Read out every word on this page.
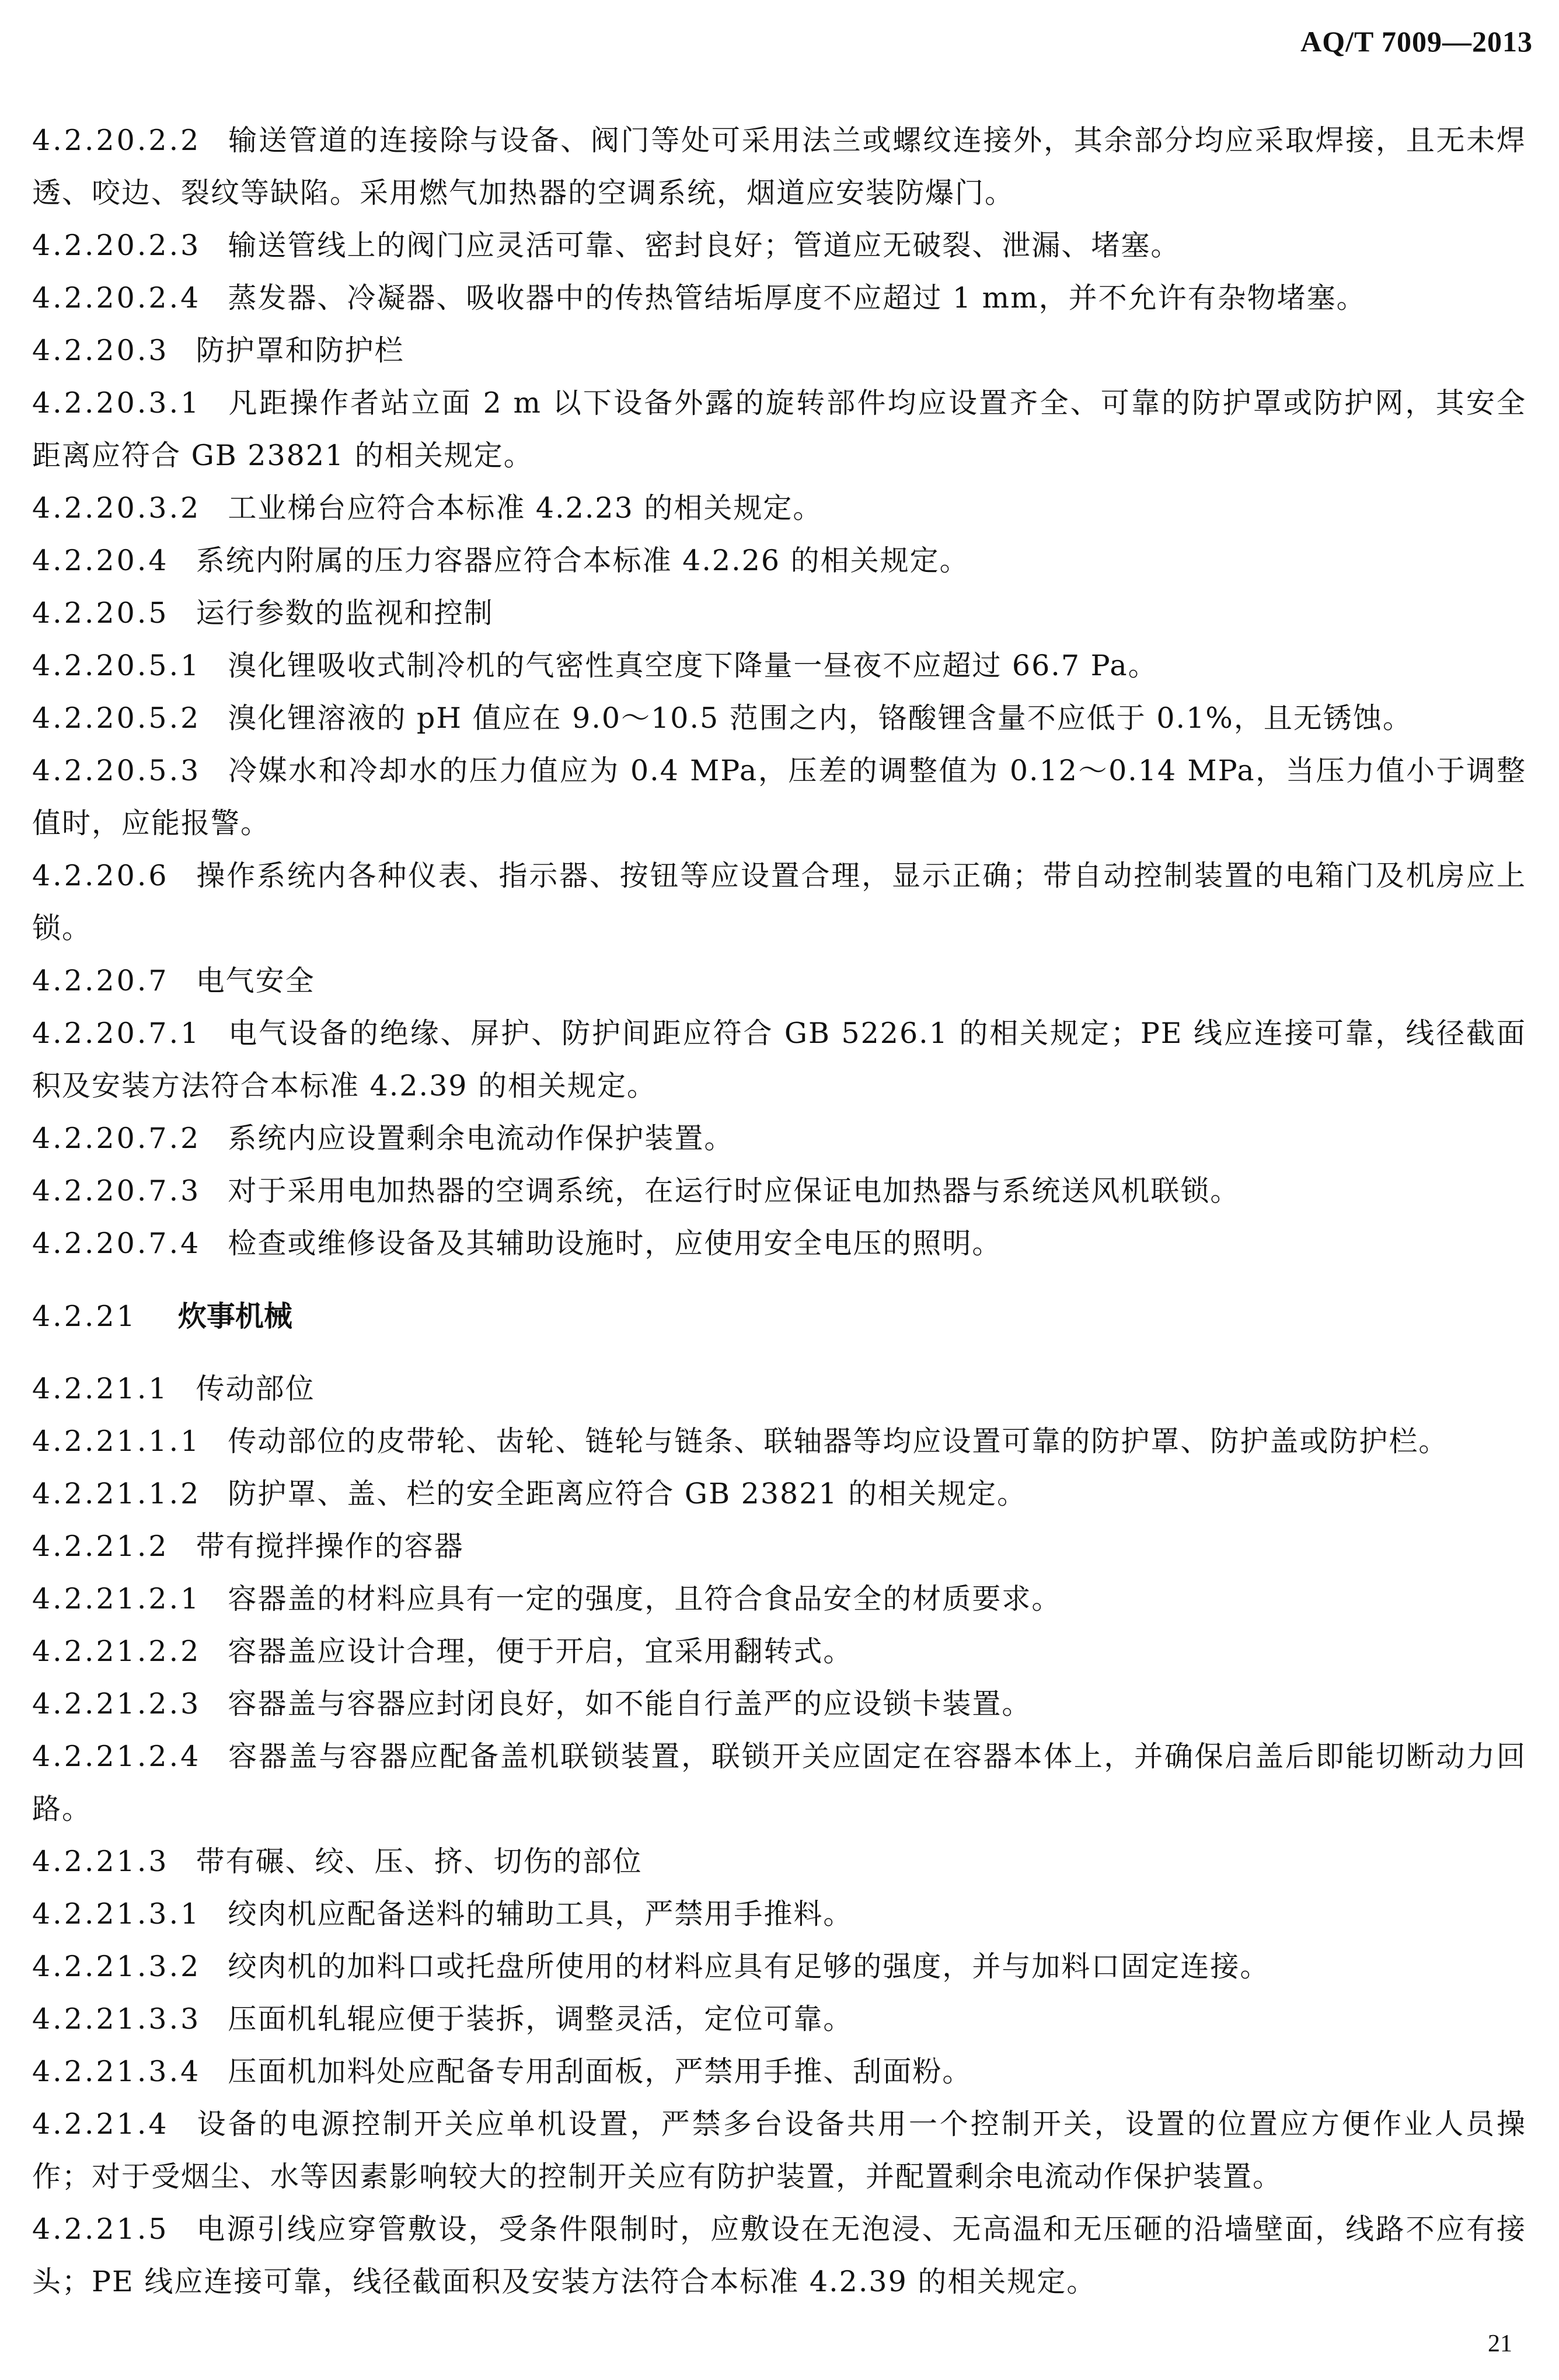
AQ/T 7009—2013

4.2.20.2.2 输送管道的连接除与设备、阀门等处可采用法兰或螺纹连接外，其余部分均应采取焊接，且无未焊透、咬边、裂纹等缺陷。采用燃气加热器的空调系统，烟道应安装防爆门。

4.2.20.2.3 输送管线上的阀门应灵活可靠、密封良好；管道应无破裂、泄漏、堵塞。

4.2.20.2.4 蒸发器、冷凝器、吸收器中的传热管结垢厚度不应超过 1 mm，并不允许有杂物堵塞。

4.2.20.3 防护罩和防护栏

4.2.20.3.1 凡距操作者站立面 2 m 以下设备外露的旋转部件均应设置齐全、可靠的防护罩或防护网，其安全距离应符合 GB 23821 的相关规定。

4.2.20.3.2 工业梯台应符合本标准 4.2.23 的相关规定。

4.2.20.4 系统内附属的压力容器应符合本标准 4.2.26 的相关规定。

4.2.20.5 运行参数的监视和控制

4.2.20.5.1 溴化锂吸收式制冷机的气密性真空度下降量一昼夜不应超过 66.7 Pa。

4.2.20.5.2 溴化锂溶液的 pH 值应在 9.0～10.5 范围之内，铬酸锂含量不应低于 0.1%，且无锈蚀。

4.2.20.5.3 冷媒水和冷却水的压力值应为 0.4 MPa，压差的调整值为 0.12～0.14 MPa，当压力值小于调整值时，应能报警。

4.2.20.6 操作系统内各种仪表、指示器、按钮等应设置合理，显示正确；带自动控制装置的电箱门及机房应上锁。

4.2.20.7 电气安全

4.2.20.7.1 电气设备的绝缘、屏护、防护间距应符合 GB 5226.1 的相关规定；PE 线应连接可靠，线径截面积及安装方法符合本标准 4.2.39 的相关规定。

4.2.20.7.2 系统内应设置剩余电流动作保护装置。

4.2.20.7.3 对于采用电加热器的空调系统，在运行时应保证电加热器与系统送风机联锁。

4.2.20.7.4 检查或维修设备及其辅助设施时，应使用安全电压的照明。

4.2.21 炊事机械

4.2.21.1 传动部位

4.2.21.1.1 传动部位的皮带轮、齿轮、链轮与链条、联轴器等均应设置可靠的防护罩、防护盖或防护栏。

4.2.21.1.2 防护罩、盖、栏的安全距离应符合 GB 23821 的相关规定。

4.2.21.2 带有搅拌操作的容器

4.2.21.2.1 容器盖的材料应具有一定的强度，且符合食品安全的材质要求。

4.2.21.2.2 容器盖应设计合理，便于开启，宜采用翻转式。

4.2.21.2.3 容器盖与容器应封闭良好，如不能自行盖严的应设锁卡装置。

4.2.21.2.4 容器盖与容器应配备盖机联锁装置，联锁开关应固定在容器本体上，并确保启盖后即能切断动力回路。

4.2.21.3 带有碾、绞、压、挤、切伤的部位

4.2.21.3.1 绞肉机应配备送料的辅助工具，严禁用手推料。

4.2.21.3.2 绞肉机的加料口或托盘所使用的材料应具有足够的强度，并与加料口固定连接。

4.2.21.3.3 压面机轧辊应便于装拆，调整灵活，定位可靠。

4.2.21.3.4 压面机加料处应配备专用刮面板，严禁用手推、刮面粉。

4.2.21.4 设备的电源控制开关应单机设置，严禁多台设备共用一个控制开关，设置的位置应方便作业人员操作；对于受烟尘、水等因素影响较大的控制开关应有防护装置，并配置剩余电流动作保护装置。

4.2.21.5 电源引线应穿管敷设，受条件限制时，应敷设在无泡浸、无高温和无压砸的沿墙壁面，线路不应有接头；PE 线应连接可靠，线径截面积及安装方法符合本标准 4.2.39 的相关规定。

21
